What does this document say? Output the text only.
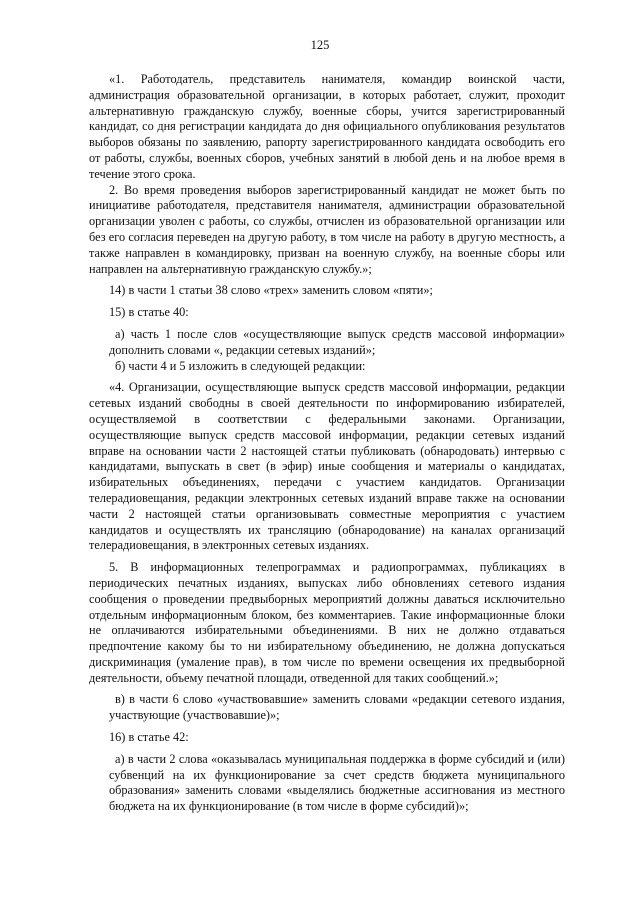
125

«1. Работодатель, представитель нанимателя, командир воинской части, администрация образовательной организации, в которых работает, служит, проходит альтернативную гражданскую службу, военные сборы, учится зарегистрированный кандидат, со дня регистрации кандидата до дня официального опубликования результатов выборов обязаны по заявлению, рапорту зарегистрированного кандидата освободить его от работы, службы, военных сборов, учебных занятий в любой день и на любое время в течение этого срока.

2. Во время проведения выборов зарегистрированный кандидат не может быть по инициативе работодателя, представителя нанимателя, администрации образовательной организации уволен с работы, со службы, отчислен из образовательной организации или без его согласия переведен на другую работу, в том числе на работу в другую местность, а также направлен в командировку, призван на военную службу, на военные сборы или направлен на альтернативную гражданскую службу.»;

14) в части 1 статьи 38 слово «трех» заменить словом «пяти»;

15) в статье 40:

а) часть 1 после слов «осуществляющие выпуск средств массовой информации» дополнить словами «, редакции сетевых изданий»;

б) части 4 и 5 изложить в следующей редакции:

«4. Организации, осуществляющие выпуск средств массовой информации, редакции сетевых изданий свободны в своей деятельности по информированию избирателей, осуществляемой в соответствии с федеральными законами. Организации, осуществляющие выпуск средств массовой информации, редакции сетевых изданий вправе на основании части 2 настоящей статьи публиковать (обнародовать) интервью с кандидатами, выпускать в свет (в эфир) иные сообщения и материалы о кандидатах, избирательных объединениях, передачи с участием кандидатов. Организации телерадиовещания, редакции электронных сетевых изданий вправе также на основании части 2 настоящей статьи организовывать совместные мероприятия с участием кандидатов и осуществлять их трансляцию (обнародование) на каналах организаций телерадиовещания, в электронных сетевых изданиях.

5. В информационных телепрограммах и радиопрограммах, публикациях в периодических печатных изданиях, выпусках либо обновлениях сетевого издания сообщения о проведении предвыборных мероприятий должны даваться исключительно отдельным информационным блоком, без комментариев. Такие информационные блоки не оплачиваются избирательными объединениями. В них не должно отдаваться предпочтение какому бы то ни избирательному объединению, не должна допускаться дискриминация (умаление прав), в том числе по времени освещения их предвыборной деятельности, объему печатной площади, отведенной для таких сообщений.»;

в) в части 6 слово «участвовавшие» заменить словами «редакции сетевого издания, участвующие (участвовавшие)»;

16) в статье 42:

а) в части 2 слова «оказывалась муниципальная поддержка в форме субсидий и (или) субвенций на их функционирование за счет средств бюджета муниципального образования» заменить словами «выделялись бюджетные ассигнования из местного бюджета на их функционирование (в том числе в форме субсидий)»;
